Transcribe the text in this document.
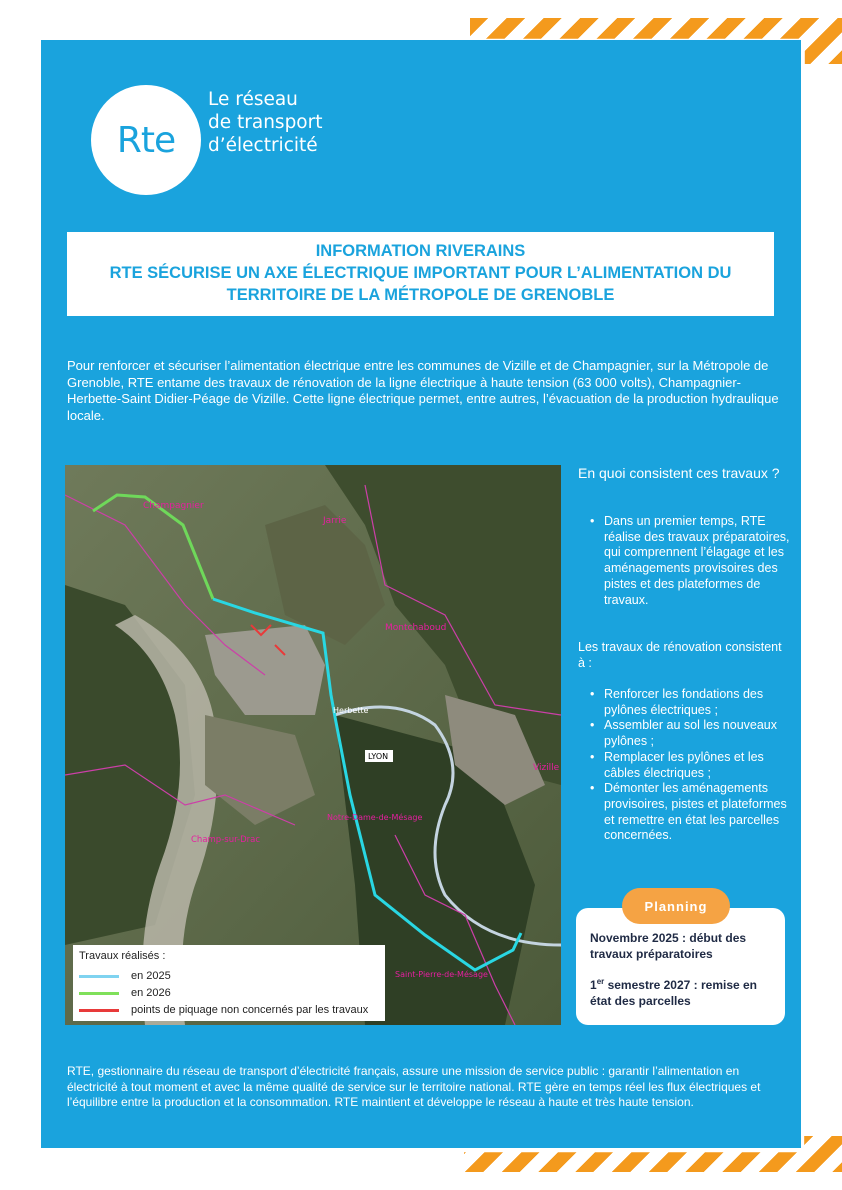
Rte
Le réseau
de transport
d’électricité
INFORMATION RIVERAINS
RTE SÉCURISE UN AXE ÉLECTRIQUE IMPORTANT POUR L’ALIMENTATION DU
TERRITOIRE DE LA MÉTROPOLE DE GRENOBLE
Pour renforcer et sécuriser l’alimentation électrique entre les communes de Vizille et de Champagnier, sur la Métropole de Grenoble, RTE entame des travaux de rénovation de la ligne électrique à haute tension (63 000 volts), Champagnier-Herbette-Saint Didier-Péage de Vizille. Cette ligne électrique permet, entre autres, l’évacuation de la production hydraulique locale.
Champagnier
Jarrie
Montchaboud
Herbette
LYON
Vizille
Notre-Dame-de-Mésage
Champ-sur-Drac
Saint-Pierre-de-Mésage
Travaux réalisés :
en 2025
en 2026
points de piquage non concernés par les travaux
En quoi consistent ces travaux ?
• Dans un premier temps, RTE réalise des travaux préparatoires, qui comprennent l’élagage et les aménagements provisoires des pistes et des plateformes de travaux.
Les travaux de rénovation consistent à :
• Renforcer les fondations des pylônes électriques ;
• Assembler au sol les nouveaux pylônes ;
• Remplacer les pylônes et les câbles électriques ;
• Démonter les aménagements provisoires, pistes et plateformes et remettre en état les parcelles concernées.
Novembre 2025 : début des travaux préparatoires
1er semestre 2027 : remise en état des parcelles
Planning
RTE, gestionnaire du réseau de transport d’électricité français, assure une mission de service public : garantir l’alimentation en électricité à tout moment et avec la même qualité de service sur le territoire national. RTE gère en temps réel les flux électriques et l’équilibre entre la production et la consommation. RTE maintient et développe le réseau à haute et très haute tension.
